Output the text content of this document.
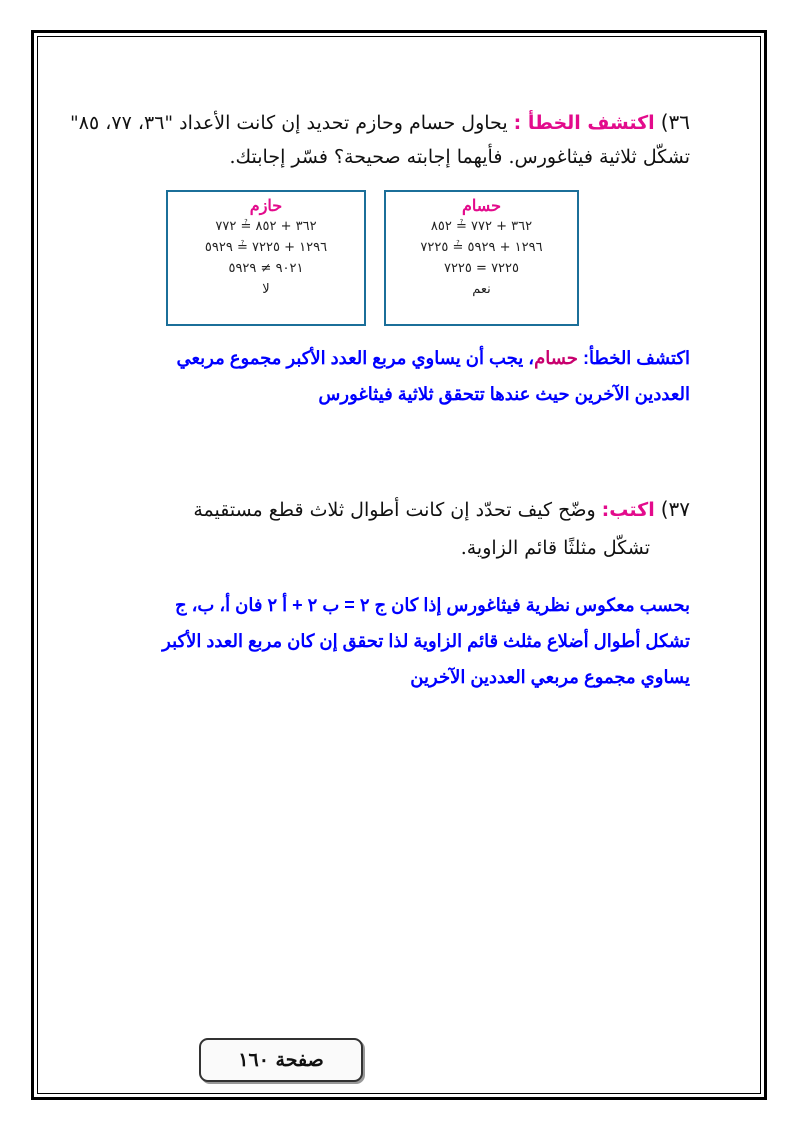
٣٦)اكتشف الخطأ :يحاول حسام وحازم تحديد إن كانت الأعداد "٣٦، ٧٧، ٨٥"
تشكّل ثلاثية فيثاغورس. فأيهما إجابته صحيحة؟ فسّر إجابتك.
حسام
٣٦٢ + ٧٧٢ ≟ ٨٥٢
١٢٩٦ + ٥٩٢٩ ≟ ٧٢٢٥
٧٢٢٥ = ٧٢٢٥
نعم
حازم
٣٦٢ + ٨٥٢ ≟ ٧٧٢
١٢٩٦ + ٧٢٢٥ ≟ ٥٩٢٩
٩٠٢١ ≠ ٥٩٢٩
لا
اكتشف الخطأ: حسام، يجب أن يساوي مربع العدد الأكبر مجموع مربعي
العددين الآخرين حيث عندها تتحقق ثلاثية فيثاغورس
٣٧)اكتب:وضّح كيف تحدّد إن كانت أطوال ثلاث قطع مستقيمة
تشكّل مثلثًا قائم الزاوية.
بحسب معكوس نظرية فيثاغورس إذا كان ج ٢ = ب ٢ + أ ٢ فان أ، ب، ج
تشكل أطوال أضلاع مثلث قائم الزاوية لذا تحقق إن كان مربع العدد الأكبر
يساوي مجموع مربعي العددين الآخرين
صفحة ١٦٠
